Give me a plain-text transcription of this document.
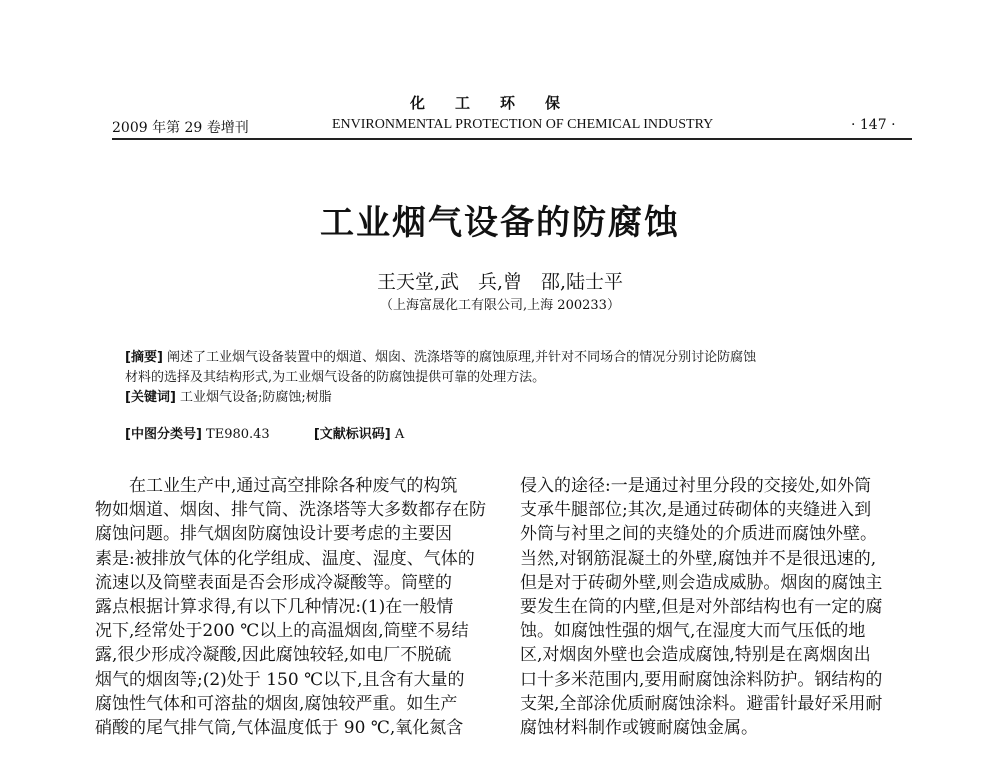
化工环保
2009 年第 29 卷增刊	ENVIRONMENTAL PROTECTION OF CHEMICAL INDUSTRY	· 147 ·
工业烟气设备的防腐蚀
王天堂,武　兵,曾　邵,陆士平
（上海富晟化工有限公司,上海 200233）
[摘要] 阐述了工业烟气设备装置中的烟道、烟囱、洗涤塔等的腐蚀原理,并针对不同场合的情况分别讨论防腐蚀
材料的选择及其结构形式,为工业烟气设备的防腐蚀提供可靠的处理方法。
[关键词] 工业烟气设备;防腐蚀;树脂
[中图分类号] TE980.43	[文献标识码] A
在工业生产中,通过高空排除各种废气的构筑
物如烟道、烟囱、排气筒、洗涤塔等大多数都存在防
腐蚀问题。排气烟囱防腐蚀设计要考虑的主要因
素是:被排放气体的化学组成、温度、湿度、气体的
流速以及筒壁表面是否会形成冷凝酸等。筒壁的
露点根据计算求得,有以下几种情况:(1)在一般情
况下,经常处于200 ℃以上的高温烟囱,筒壁不易结
露,很少形成冷凝酸,因此腐蚀较轻,如电厂不脱硫
烟气的烟囱等;(2)处于 150 ℃以下,且含有大量的
腐蚀性气体和可溶盐的烟囱,腐蚀较严重。如生产
硝酸的尾气排气筒,气体温度低于 90 ℃,氧化氮含
侵入的途径:一是通过衬里分段的交接处,如外筒
支承牛腿部位;其次,是通过砖砌体的夹缝进入到
外筒与衬里之间的夹缝处的介质进而腐蚀外壁。
当然,对钢筋混凝土的外壁,腐蚀并不是很迅速的,
但是对于砖砌外壁,则会造成威胁。烟囱的腐蚀主
要发生在筒的内壁,但是对外部结构也有一定的腐
蚀。如腐蚀性强的烟气,在湿度大而气压低的地
区,对烟囱外壁也会造成腐蚀,特别是在离烟囱出
口十多米范围内,要用耐腐蚀涂料防护。钢结构的
支架,全部涂优质耐腐蚀涂料。避雷针最好采用耐
腐蚀材料制作或镀耐腐蚀金属。
